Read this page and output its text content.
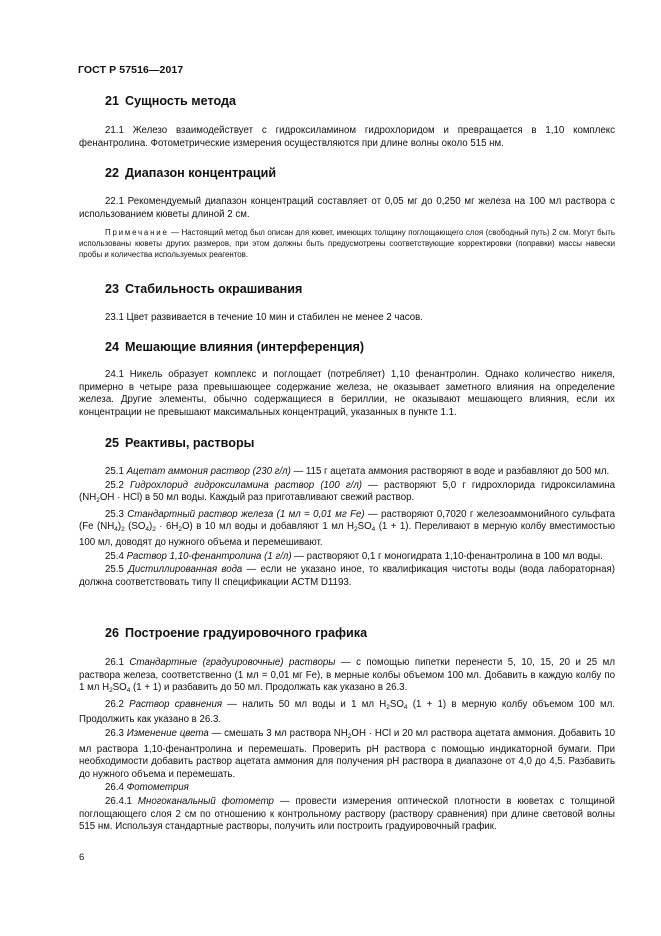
ГОСТ Р 57516—2017
21 Сущность метода

21.1 Железо взаимодействует с гидроксиламином гидрохлоридом и превращается в 1,10 комплекс фенантролина. Фотометрические измерения осуществляются при длине волны около 515 нм.

22 Диапазон концентраций

22.1 Рекомендуемый диапазон концентраций составляет от 0,05 мг до 0,250 мг железа на 100 мл раствора с использованием кюветы длиной 2 см.

Примечание — Настоящий метод был описан для кювет, имеющих толщину поглощающего слоя (свободный путь) 2 см. Могут быть использованы кюветы других размеров, при этом должны быть предусмотрены соответствующие корректировки (поправки) массы навески пробы и количества используемых реагентов.

23 Стабильность окрашивания

23.1 Цвет развивается в течение 10 мин и стабилен не менее 2 часов.

24 Мешающие влияния (интерференция)

24.1 Никель образует комплекс и поглощает (потребляет) 1,10 фенантролин. Однако количество никеля, примерно в четыре раза превышающее содержание железа, не оказывает заметного влияния на определение железа. Другие элементы, обычно содержащиеся в бериллии, не оказывают мешающего влияния, если их концентрации не превышают максимальных концентраций, указанных в пункте 1.1.

25 Реактивы, растворы

25.1 Ацетат аммония раствор (230 г/л) — 115 г ацетата аммония растворяют в воде и разбавляют до 500 мл.

25.2 Гидрохлорид гидроксиламина раствор (100 г/л) — растворяют 5,0 г гидрохлорида гидроксиламина $(NH_2OH \cdot HCl)$ в 50 мл воды. Каждый раз приготавливают свежий раствор.

25.3 Стандартный раствор железа (1 мл = 0,01 мг Fe) — растворяют 0,7020 г железоаммонийного сульфата (Fe $(NH_4)_2$ $(SO_4)_2 \cdot 6H_2O$) в 10 мл воды и добавляют 1 мл $H_2SO_4$ (1 + 1). Переливают в мерную колбу вместимостью 100 мл, доводят до нужного объема и перемешивают.

25.4 Раствор 1,10-фенантролина (1 г/л) — растворяют 0,1 г моногидрата 1,10-фенантролина в 100 мл воды.

25.5 Дистиллированная вода — если не указано иное, то квалификация чистоты воды (вода лабораторная) должна соответствовать типу II спецификации АСТМ D1193.

26 Построение градуировочного графика

26.1 Стандартные (градуировочные) растворы — с помощью пипетки перенести 5, 10, 15, 20 и 25 мл раствора железа, соответственно (1 мл = 0,01 мг Fe), в мерные колбы объемом 100 мл. Добавить в каждую колбу по 1 мл $H_2SO_4$ (1 + 1) и разбавить до 50 мл. Продолжать как указано в 26.3.

26.2 Раствор сравнения — налить 50 мл воды и 1 мл $H_2SO_4$ (1 + 1) в мерную колбу объемом 100 мл. Продолжить как указано в 26.3.

26.3 Изменение цвета — смешать 3 мл раствора $NH_2OH$ · HCl и 20 мл раствора ацетата аммония. Добавить 10 мл раствора 1,10-фенантролина и перемешать. Проверить pH раствора с помощью индикаторной бумаги. При необходимости добавить раствор ацетата аммония для получения pH раствора в диапазоне от 4,0 до 4,5. Разбавить до нужного объема и перемешать.

26.4 Фотометрия

26.4.1 Многоканальный фотометр — провести измерения оптической плотности в кюветах с толщиной поглощающего слоя 2 см по отношению к контрольному раствору (раствору сравнения) при длине световой волны 515 нм. Используя стандартные растворы, получить или построить градуировочный график.

6
